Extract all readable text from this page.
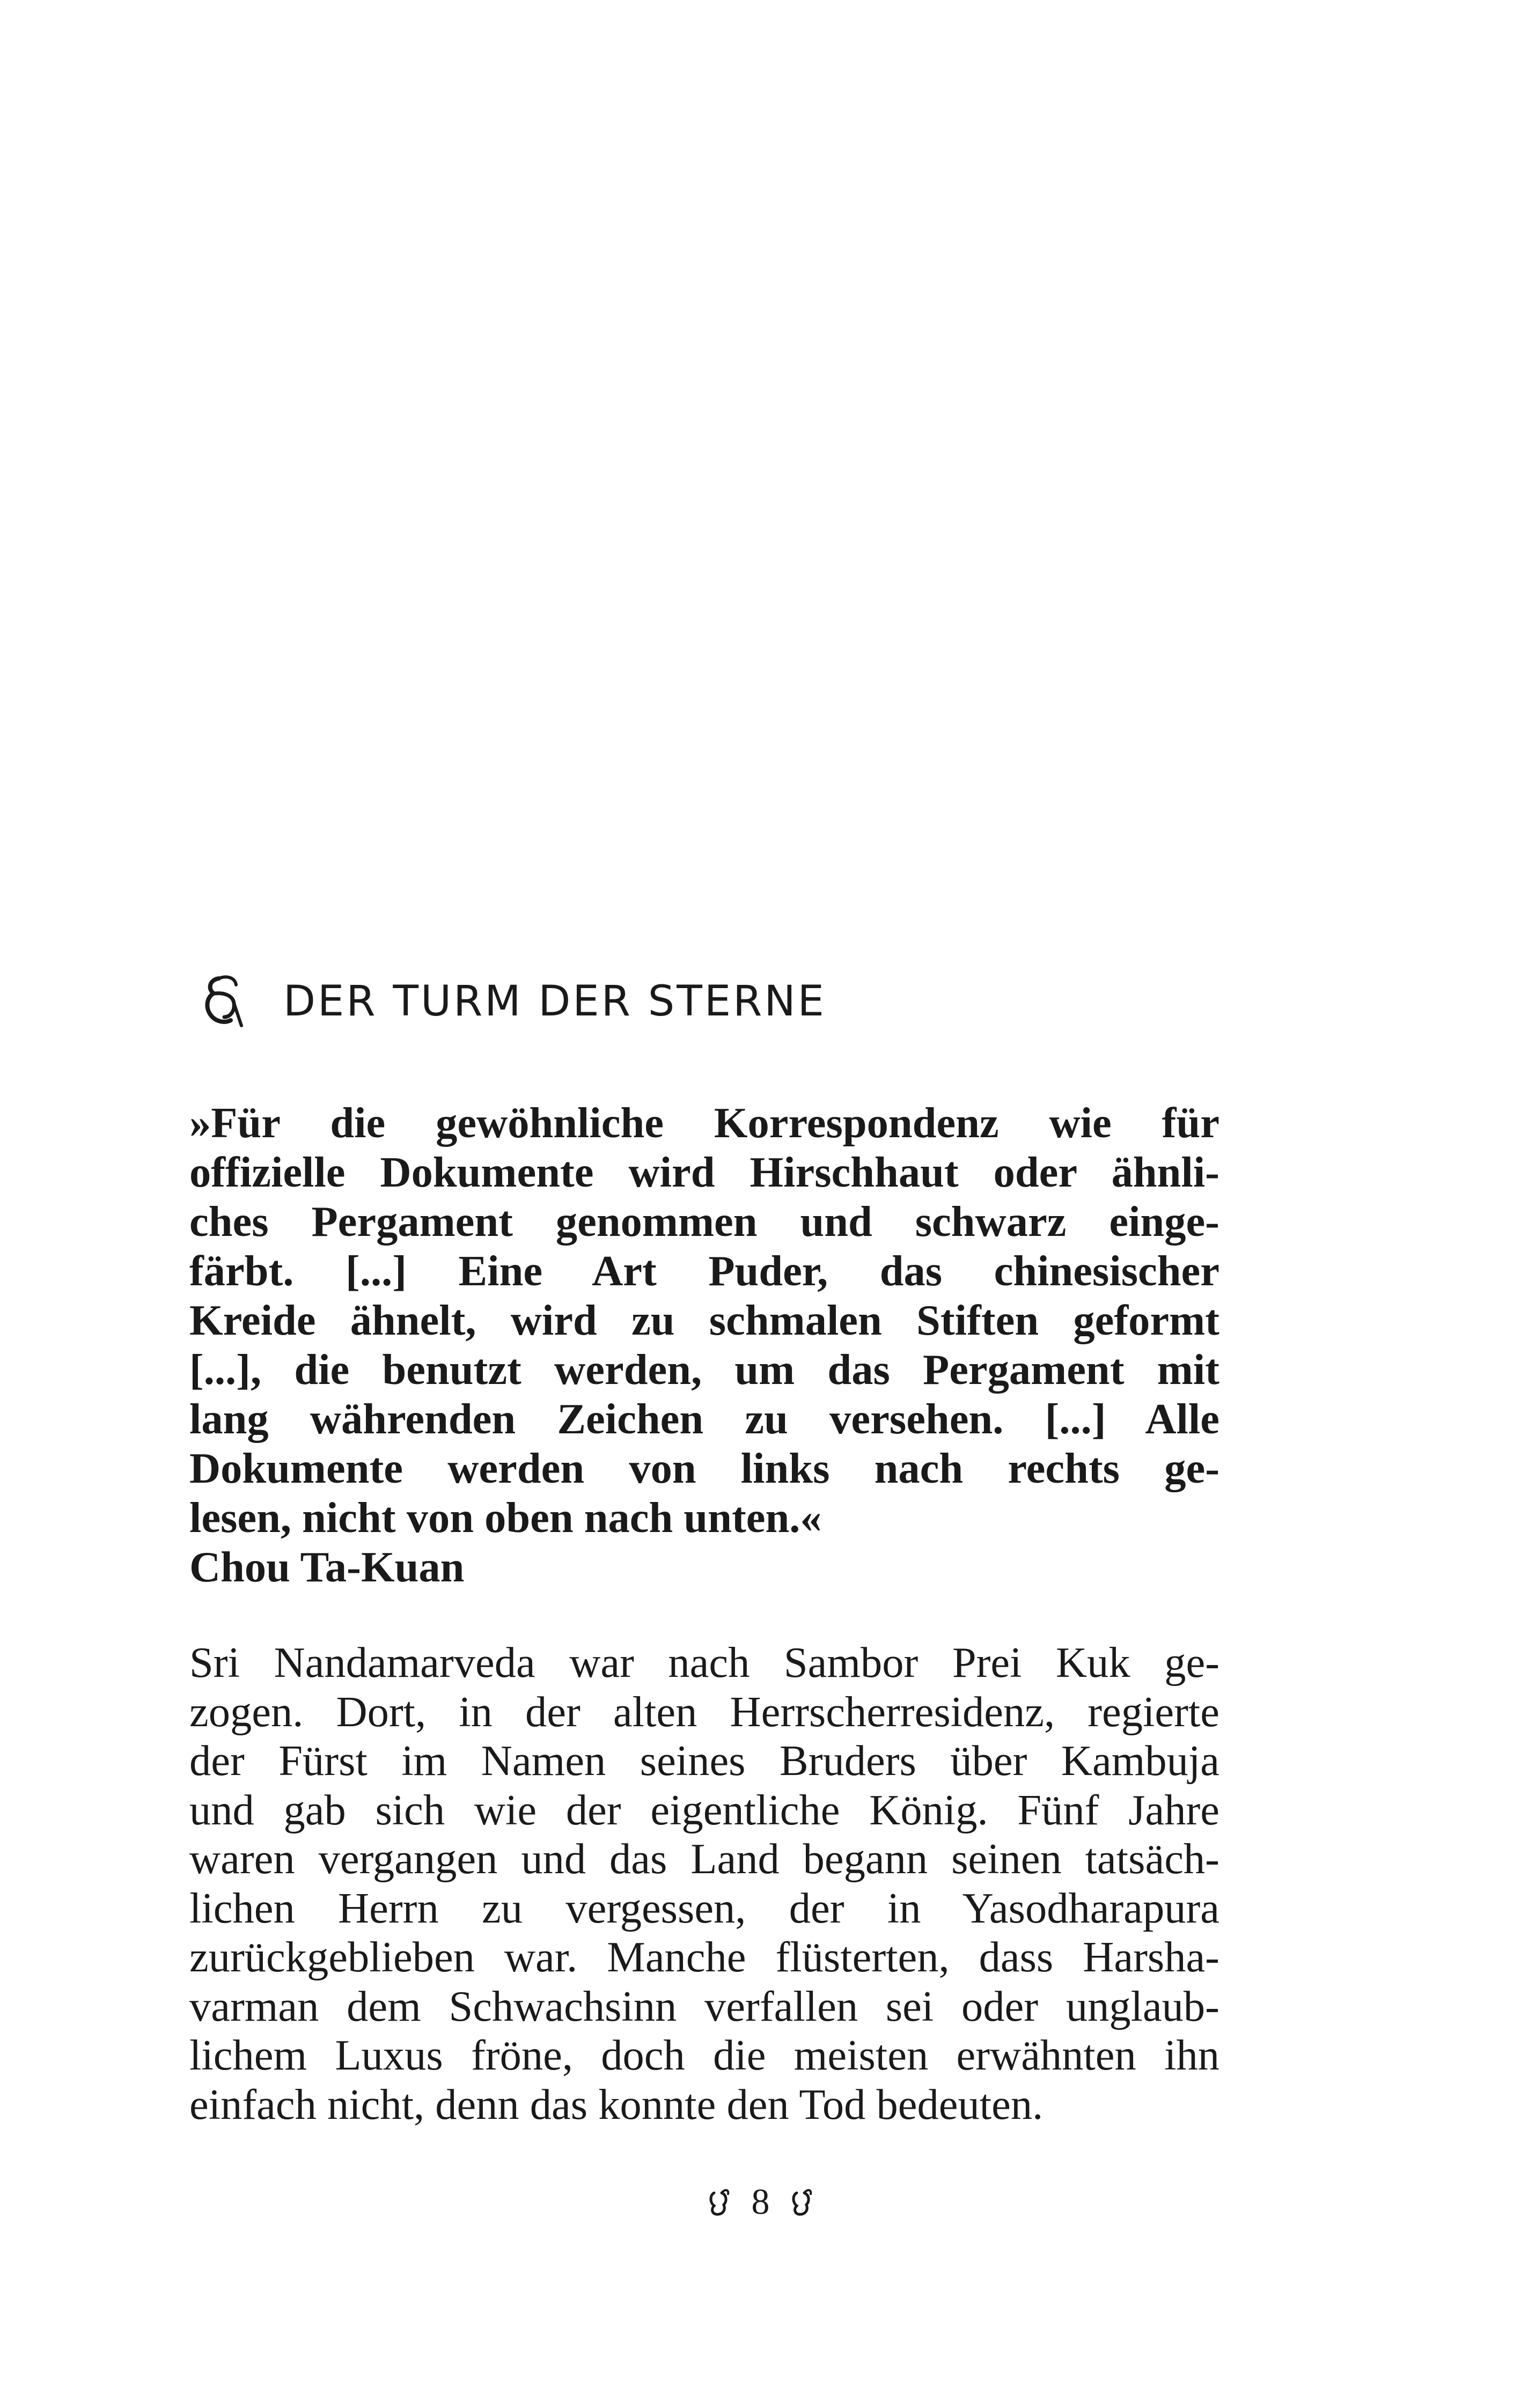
DER TURM DER STERNE
»Für die gewöhnliche Korrespondenz wie für
offizielle Dokumente wird Hirschhaut oder ähnli-
ches Pergament genommen und schwarz einge-
färbt. [...] Eine Art Puder, das chinesischer
Kreide ähnelt, wird zu schmalen Stiften geformt
[...], die benutzt werden, um das Pergament mit
lang währenden Zeichen zu versehen. [...] Alle
Dokumente werden von links nach rechts ge-
lesen, nicht von oben nach unten.«
Chou Ta-Kuan
Sri Nandamarveda war nach Sambor Prei Kuk ge-
zogen. Dort, in der alten Herrscherresidenz, regierte
der Fürst im Namen seines Bruders über Kambuja
und gab sich wie der eigentliche König. Fünf Jahre
waren vergangen und das Land begann seinen tatsäch-
lichen Herrn zu vergessen, der in Yasodharapura
zurückgeblieben war. Manche flüsterten, dass Harsha-
varman dem Schwachsinn verfallen sei oder unglaub-
lichem Luxus fröne, doch die meisten erwähnten ihn
einfach nicht, denn das konnte den Tod bedeuten.
8
